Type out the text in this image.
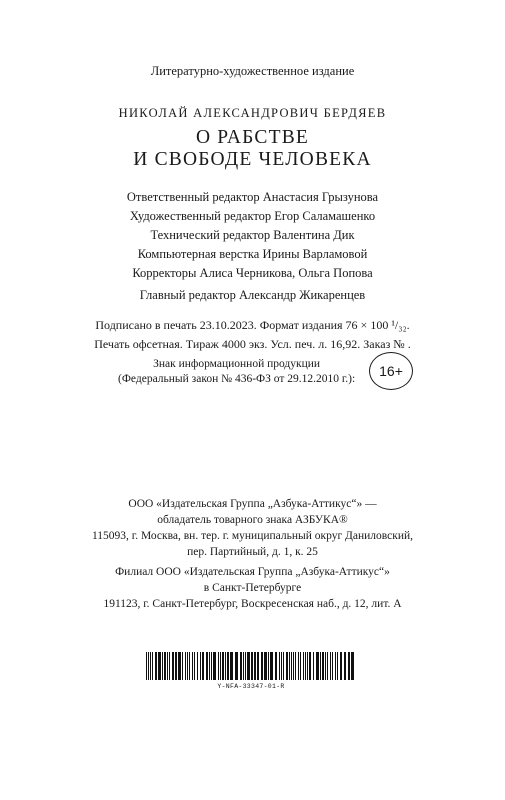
Литературно-художественное издание
НИКОЛАЙ АЛЕКСАНДРОВИЧ БЕРДЯЕВ
О РАБСТВЕ
И СВОБОДЕ ЧЕЛОВЕКА
Ответственный редактор Анастасия Грызунова
Художественный редактор Егор Саламашенко
Технический редактор Валентина Дик
Компьютерная верстка Ирины Варламовой
Корректоры Алиса Черникова, Ольга Попова
Главный редактор Александр Жикаренцев
Подписано в печать 23.10.2023. Формат издания 76 × 100 ¹/₃₂.
Печать офсетная. Тираж 4000 экз. Усл. печ. л. 16,92. Заказ № .
Знак информационной продукции
(Федеральный закон № 436-ФЗ от 29.12.2010 г.): 16+
ООО «Издательская Группа „Азбука-Аттикус“» —
обладатель товарного знака АЗБУКА®
115093, г. Москва, вн. тер. г. муниципальный округ Даниловский,
пер. Партийный, д. 1, к. 25
Филиал ООО «Издательская Группа „Азбука-Аттикус“»
в Санкт-Петербурге
191123, г. Санкт-Петербург, Воскресенская наб., д. 12, лит. А
Y-NFA-33347-01-R
